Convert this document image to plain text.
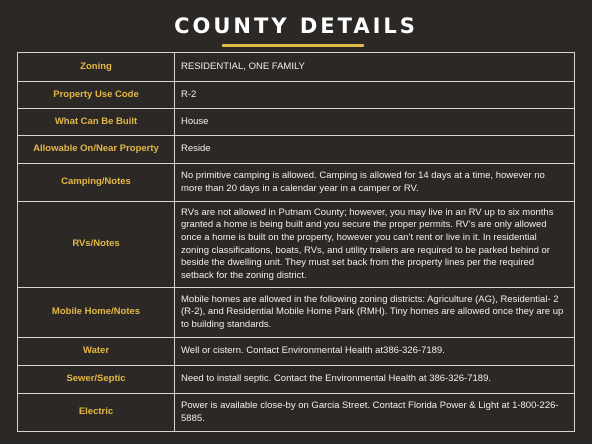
COUNTY DETAILS
Zoning	RESIDENTIAL, ONE FAMILY
Property Use Code	R-2
What Can Be Built	House
Allowable On/Near Property	Reside
Camping/Notes	No primitive camping is allowed. Camping is allowed for 14 days at a time, however no more than 20 days in a calendar year in a camper or RV.
RVs/Notes	RVs are not allowed in Putnam County; however, you may live in an RV up to six months granted a home is being built and you secure the proper permits. RV’s are only allowed once a home is built on the property, however you can’t rent or live in it. In residential zoning classifications, boats, RVs, and utility trailers are required to be parked behind or beside the dwelling unit. They must set back from the property lines per the required setback for the zoning district.
Mobile Home/Notes	Mobile homes are allowed in the following zoning districts: Agriculture (AG), Residential- 2 (R-2), and Residential Mobile Home Park (RMH). Tiny homes are allowed once they are up to building standards.
Water	Well or cistern. Contact Environmental Health at386-326-7189.
Sewer/Septic	Need to install septic. Contact the Environmental Health at 386-326-7189.
Electric	Power is available close-by on Garcia Street. Contact Florida Power & Light at 1-800-226-5885.
